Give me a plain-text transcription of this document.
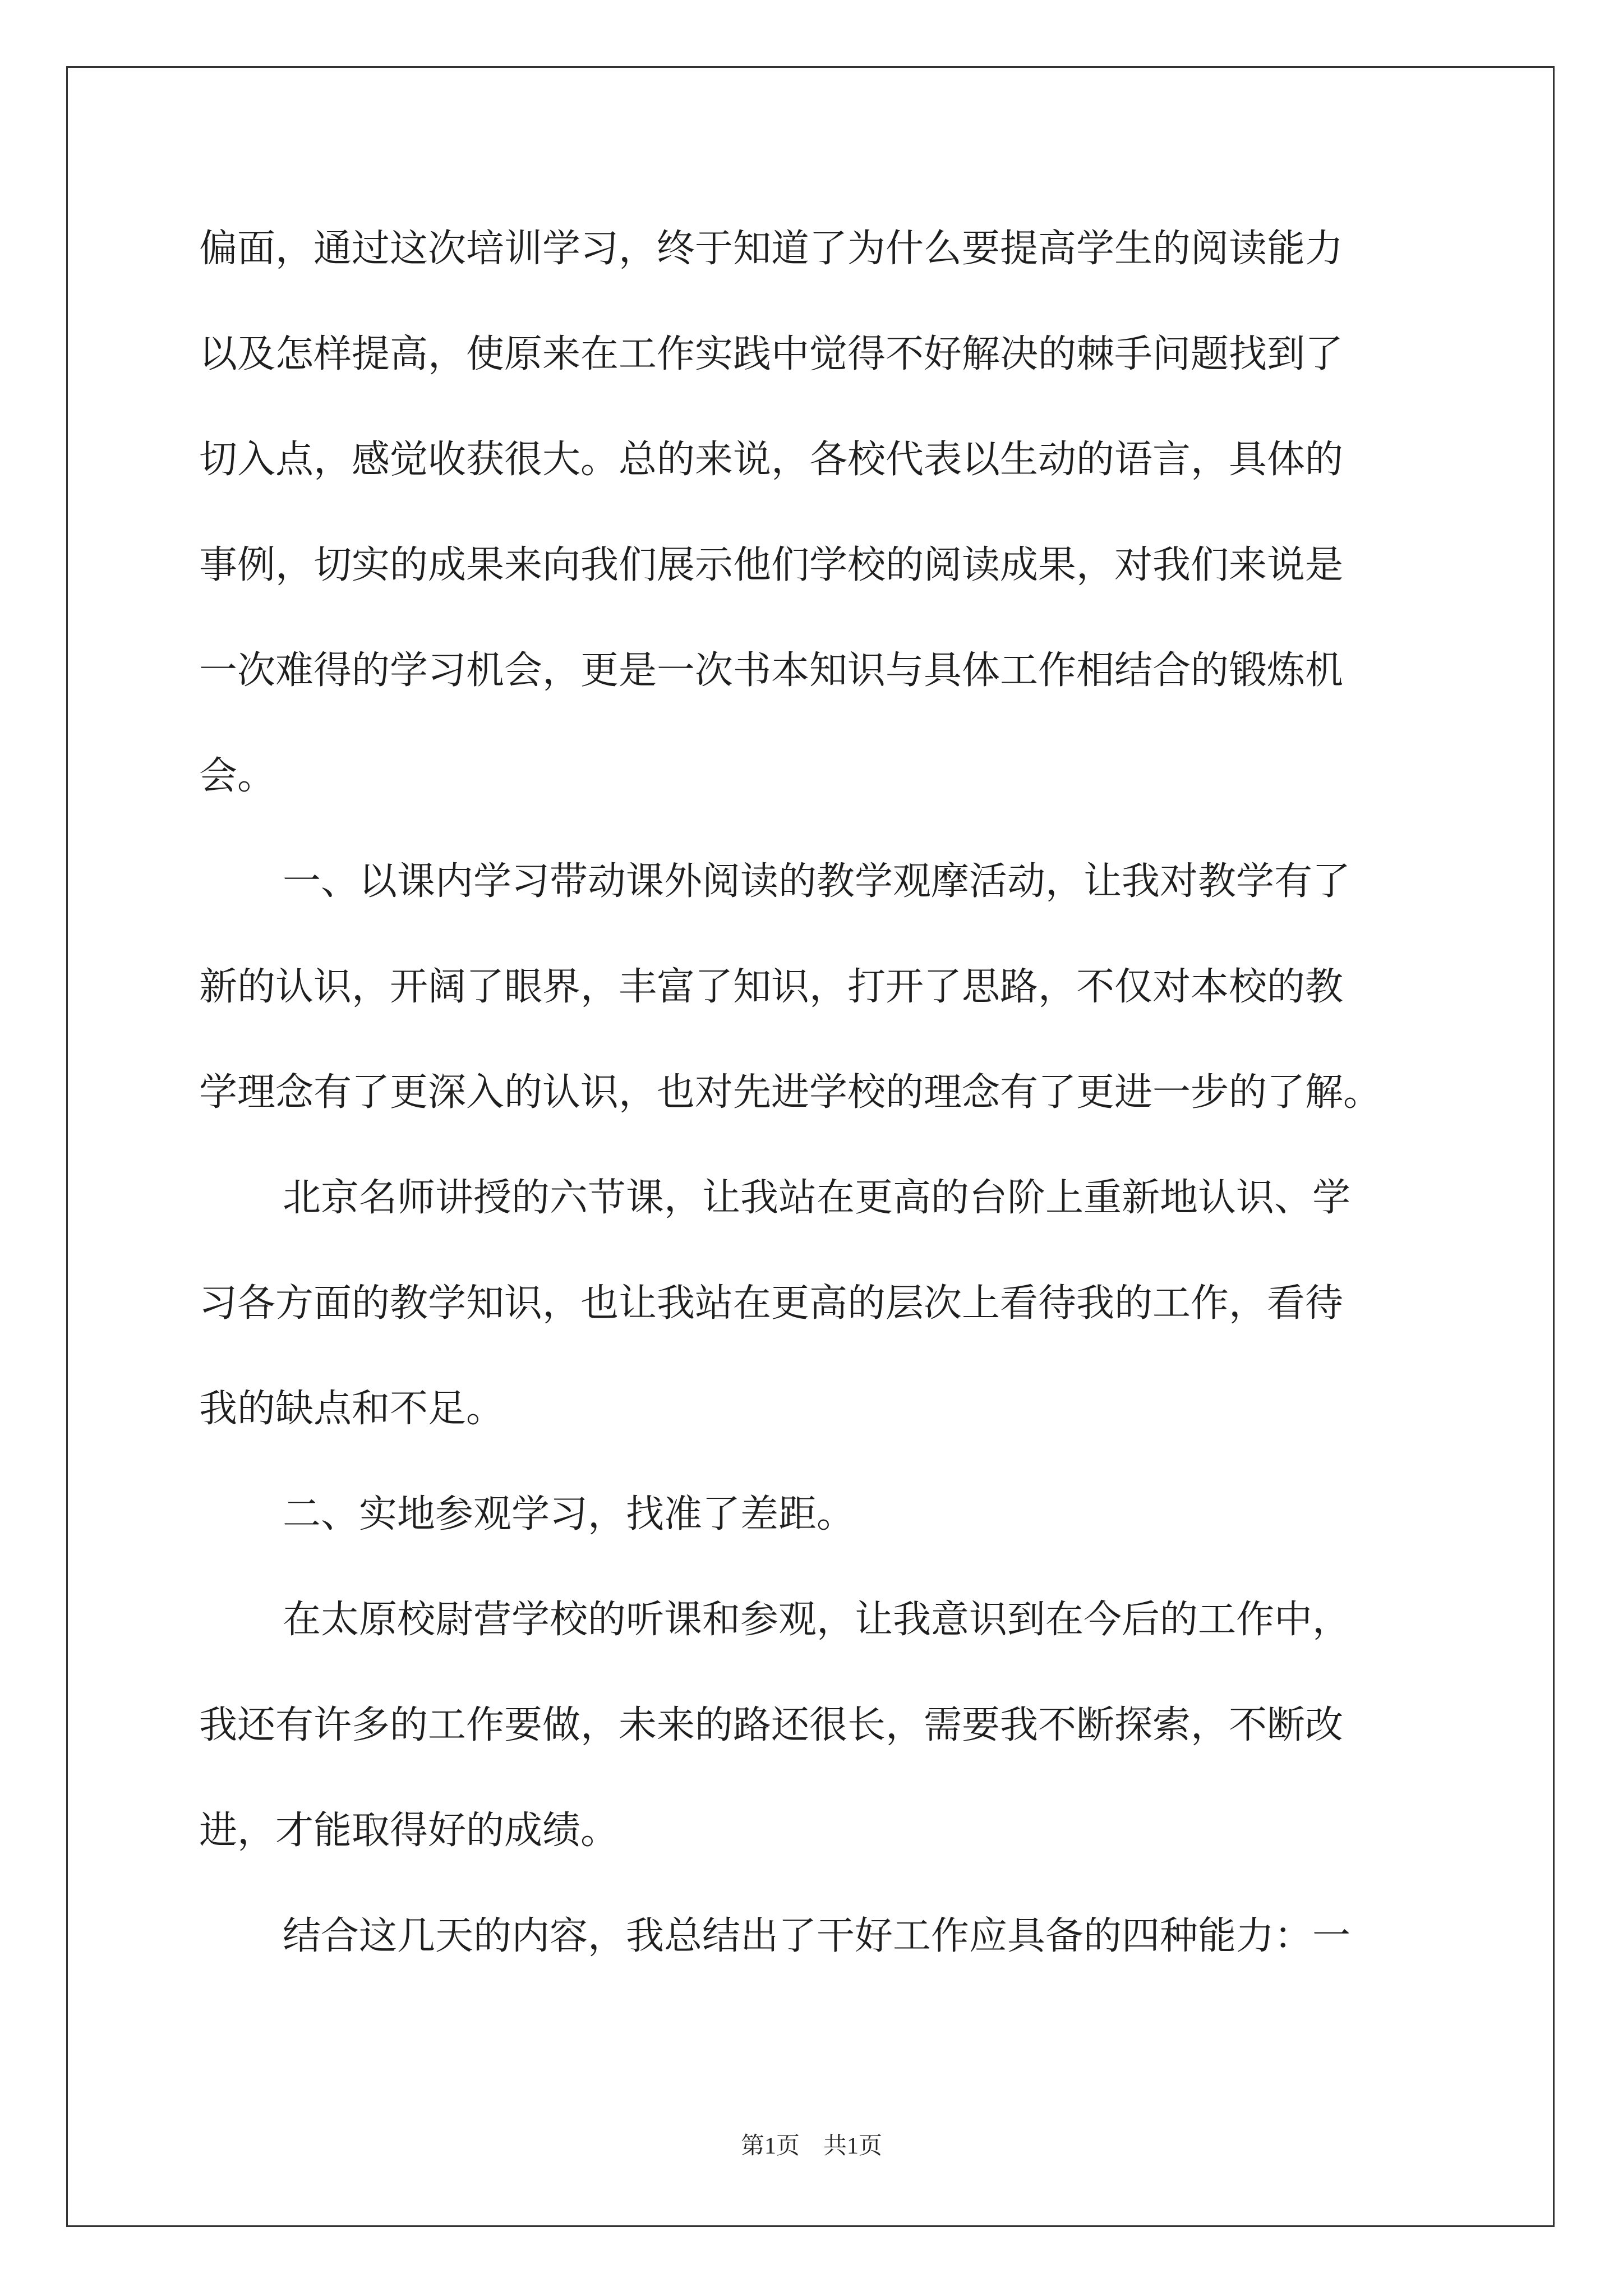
偏面，通过这次培训学习，终于知道了为什么要提高学生的阅读能力
以及怎样提高，使原来在工作实践中觉得不好解决的棘手问题找到了
切入点，感觉收获很大。总的来说，各校代表以生动的语言，具体的
事例，切实的成果来向我们展示他们学校的阅读成果，对我们来说是
一次难得的学习机会，更是一次书本知识与具体工作相结合的锻炼机
会。
一、以课内学习带动课外阅读的教学观摩活动，让我对教学有了
新的认识，开阔了眼界，丰富了知识，打开了思路，不仅对本校的教
学理念有了更深入的认识，也对先进学校的理念有了更进一步的了解。
北京名师讲授的六节课，让我站在更高的台阶上重新地认识、学
习各方面的教学知识，也让我站在更高的层次上看待我的工作，看待
我的缺点和不足。
二、实地参观学习，找准了差距。
在太原校尉营学校的听课和参观，让我意识到在今后的工作中，
我还有许多的工作要做，未来的路还很长，需要我不断探索，不断改
进，才能取得好的成绩。
结合这几天的内容，我总结出了干好工作应具备的四种能力：一
第1页　共1页
